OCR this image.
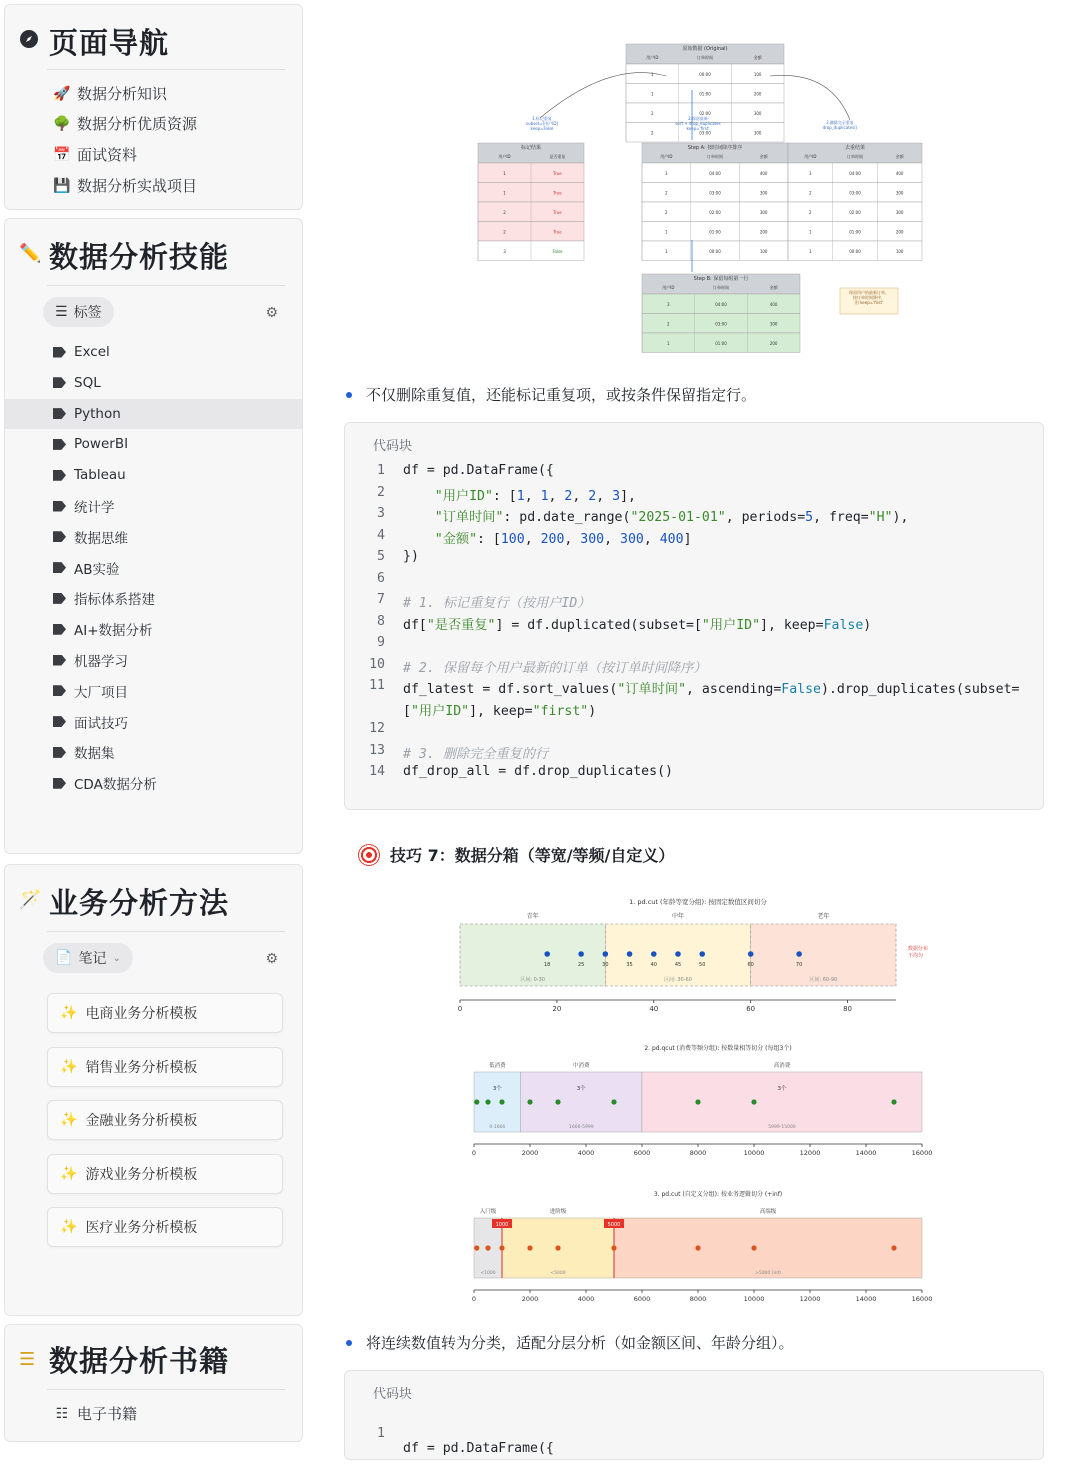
页面导航
🚀 数据分析知识
🌳 数据分析优质资源
📅 面试资料
💾 数据分析实战项目
✏️ 数据分析技能
☰ 标签	⚙
Excel
SQL
Python
PowerBI
Tableau
统计学
数据思维
AB实验
指标体系搭建
AI+数据分析
机器学习
大厂项目
面试技巧
数据集
CDA数据分析
🪄 业务分析方法
📄 笔记 ⌄	⚙
✨ 电商业务分析模板
✨ 销售业务分析模板
✨ 金融业务分析模板
✨ 游戏业务分析模板
✨ 医疗业务分析模板
☰ 数据分析书籍
☷ 电子书籍
原始数据 (Original)
用户ID	订单时间	金额
1	00:00	100
1	01:00	200
2	02:00	300
2	03:00	300
标记结果
用户ID	是否重复
1	True
1	True
2	True
2	True
3	False
Step A: 按时间降序排序
用户ID	订单时间	金额
3	04:00	400
2	03:00	300
2	02:00	300
1	01:00	200
1	00:00	100
去重结果
用户ID	订单时间	金额
3	04:00	400
2	03:00	300
2	02:00	300
1	01:00	200
1	00:00	100
Step B: 保留每组第一行
用户ID	订单时间	金额
3	04:00	400
2	03:00	300
1	01:00	200
1.标记重复
subset=[用户ID]
keep=False
2.保留最新
sort + drop_duplicates
keep='first'
3.删除完全重复
drop_duplicates()
保留用户的最新订单，
按订单时间降序，
用 keep='first'
不仅删除重复值，还能标记重复项，或按条件保留指定行。
代码块
1 df = pd.DataFrame({
2	"用户ID": [1, 1, 2, 2, 3],
3	"订单时间": pd.date_range("2025-01-01", periods=5, freq="H"),
4	"金额": [100, 200, 300, 300, 400]
5 })
6
7 # 1. 标记重复行（按用户ID）
8 df["是否重复"] = df.duplicated(subset=["用户ID"], keep=False)
9
10 # 2. 保留每个用户最新的订单（按订单时间降序）
11 df_latest = df.sort_values("订单时间", ascending=False).drop_duplicates(subset=
["用户ID"], keep="first")
12
13 # 3. 删除完全重复的行
14 df_drop_all = df.drop_duplicates()
技巧 7：数据分箱（等宽/等频/自定义）
1. pd.cut (年龄等宽分组): 按固定数值区间切分
青年
区间: 0-30
中年
区间: 30-60
老年
区间: 60-90
18	25	30	35	40	45	50	60	70
数据分布
不均匀
0	20	40	60	80
2. pd.qcut (消费等频分组): 按数量相等切分 (每组3个)
低消费
0-1666
3个
中消费
1666-5999
3个
高消费
5999-15000
3个
0	2000	4000	6000	8000	10000	12000	14000	16000
3. pd.cut (自定义分组): 按业务逻辑切分 (+inf)
入门级
<1000
进阶级
<5000
高端级
>5000 (inf)
1000	5000
0	2000	4000	6000	8000	10000	12000	14000	16000
将连续数值转为分类，适配分层分析（如金额区间、年龄分组）。
代码块

1

df = pd.DataFrame({
